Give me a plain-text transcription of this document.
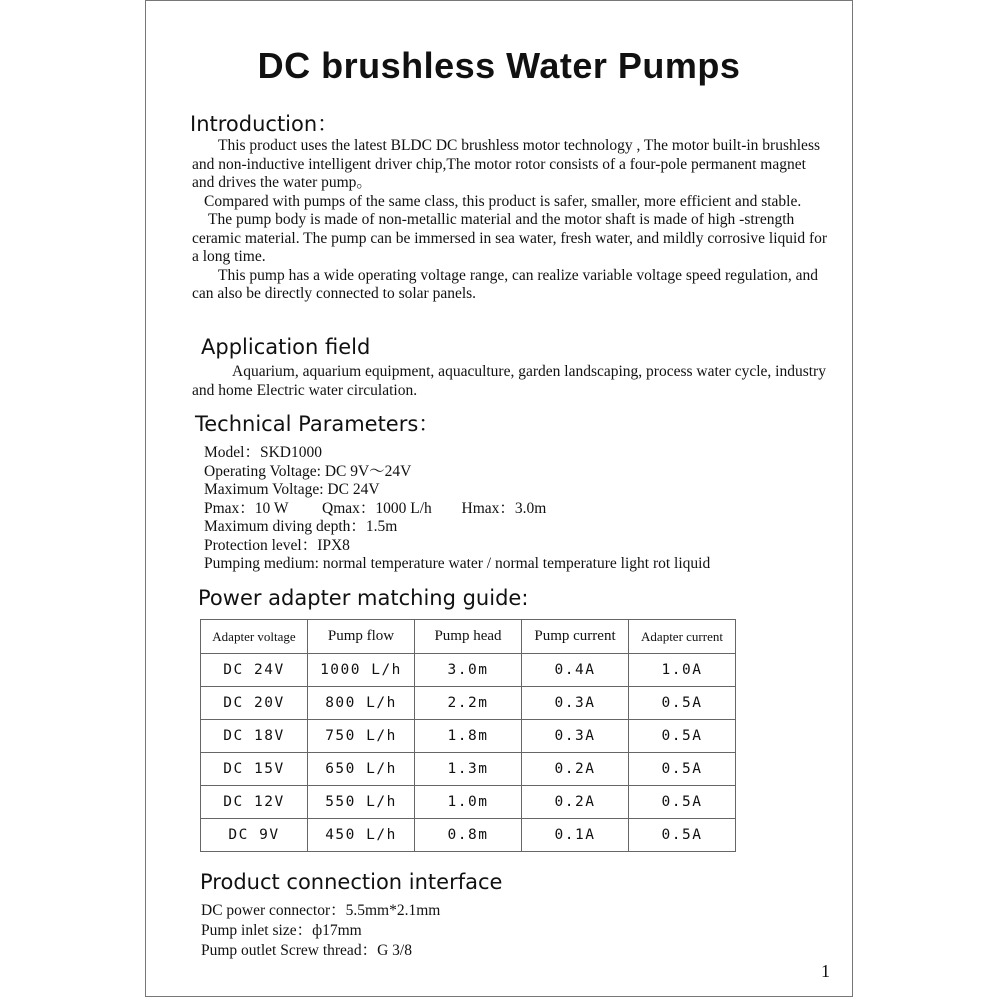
DC brushless Water Pumps
Introduction：

This product uses the latest BLDC DC brushless motor technology , The motor built-in brushless and non-inductive intelligent driver chip,The motor rotor consists of a four-pole permanent magnet and drives the water pump。

Compared with pumps of the same class, this product is safer, smaller, more efficient and stable.

The pump body is made of non-metallic material and the motor shaft is made of high -strength ceramic material. The pump can be immersed in sea water, fresh water, and mildly corrosive liquid for a long time.

This pump has a wide operating voltage range, can realize variable voltage speed regulation, and can also be directly connected to solar panels.

Application field
Aquarium, aquarium equipment, aquaculture, garden landscaping, process water cycle, industry and home Electric water circulation.
Technical Parameters：
Model：SKD1000
Operating Voltage: DC 9V～24V
Maximum Voltage: DC 24V
Pmax：10 W Qmax：1000 L/h Hmax：3.0m
Maximum diving depth：1.5m
Protection level：IPX8
Pumping medium: normal temperature water / normal temperature light rot liquid
Power adapter matching guide:
Adapter voltage	Pump flow	Pump head	Pump current	Adapter current
DC 24V	1000 L/h	3.0m	0.4A	1.0A
DC 20V	800 L/h	2.2m	0.3A	0.5A
DC 18V	750 L/h	1.8m	0.3A	0.5A
DC 15V	650 L/h	1.3m	0.2A	0.5A
DC 12V	550 L/h	1.0m	0.2A	0.5A
DC 9V	450 L/h	0.8m	0.1A	0.5A
Product connection interface
DC power connector：5.5mm*2.1mm
Pump inlet size：ф17mm
Pump outlet Screw thread：G 3/8
1
